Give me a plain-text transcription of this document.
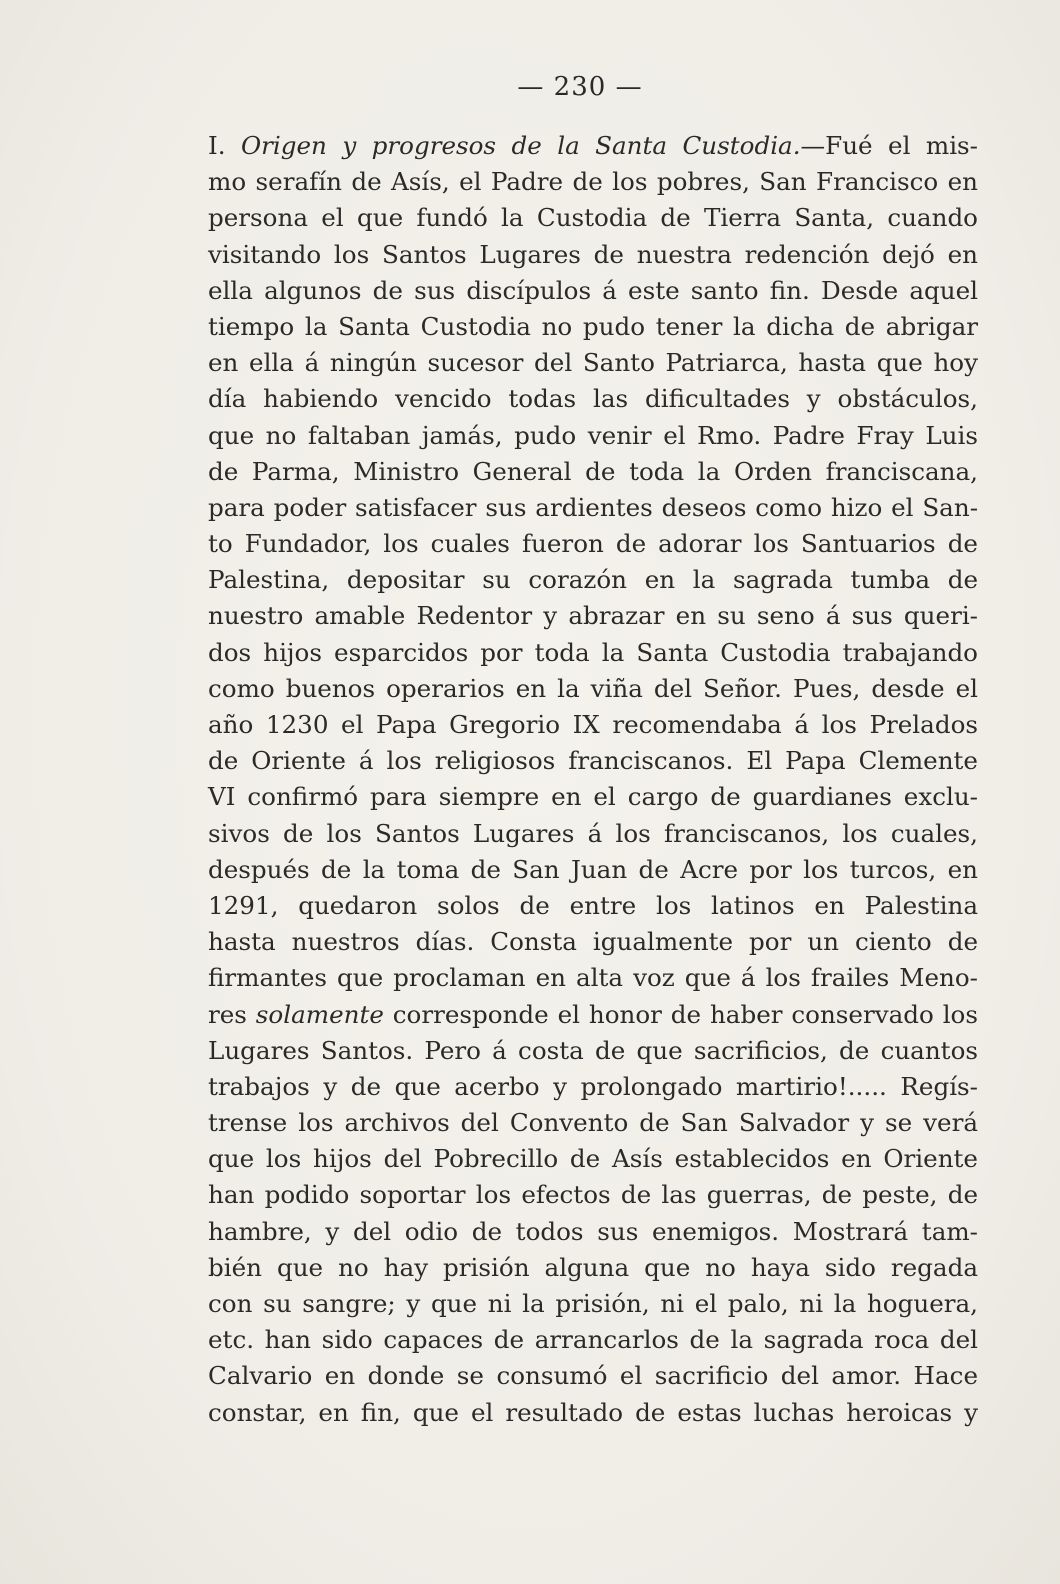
— 230 —
I. Origen y progresos de la Santa Custodia.—Fué el mis-
mo serafín de Asís, el Padre de los pobres, San Francisco en
persona el que fundó la Custodia de Tierra Santa, cuando
visitando los Santos Lugares de nuestra redención dejó en
ella algunos de sus discípulos á este santo fin. Desde aquel
tiempo la Santa Custodia no pudo tener la dicha de abrigar
en ella á ningún sucesor del Santo Patriarca, hasta que hoy
día habiendo vencido todas las dificultades y obstáculos,
que no faltaban jamás, pudo venir el Rmo. Padre Fray Luis
de Parma, Ministro General de toda la Orden franciscana,
para poder satisfacer sus ardientes deseos como hizo el San-
to Fundador, los cuales fueron de adorar los Santuarios de
Palestina, depositar su corazón en la sagrada tumba de
nuestro amable Redentor y abrazar en su seno á sus queri-
dos hijos esparcidos por toda la Santa Custodia trabajando
como buenos operarios en la viña del Señor. Pues, desde el
año 1230 el Papa Gregorio IX recomendaba á los Prelados
de Oriente á los religiosos franciscanos. El Papa Clemente
VI confirmó para siempre en el cargo de guardianes exclu-
sivos de los Santos Lugares á los franciscanos, los cuales,
después de la toma de San Juan de Acre por los turcos, en
1291, quedaron solos de entre los latinos en Palestina
hasta nuestros días. Consta igualmente por un ciento de
firmantes que proclaman en alta voz que á los frailes Meno-
res solamente corresponde el honor de haber conservado los
Lugares Santos. Pero á costa de que sacrificios, de cuantos
trabajos y de que acerbo y prolongado martirio!..... Regís-
trense los archivos del Convento de San Salvador y se verá
que los hijos del Pobrecillo de Asís establecidos en Oriente
han podido soportar los efectos de las guerras, de peste, de
hambre, y del odio de todos sus enemigos. Mostrará tam-
bién que no hay prisión alguna que no haya sido regada
con su sangre; y que ni la prisión, ni el palo, ni la hoguera,
etc. han sido capaces de arrancarlos de la sagrada roca del
Calvario en donde se consumó el sacrificio del amor. Hace
constar, en fin, que el resultado de estas luchas heroicas y
